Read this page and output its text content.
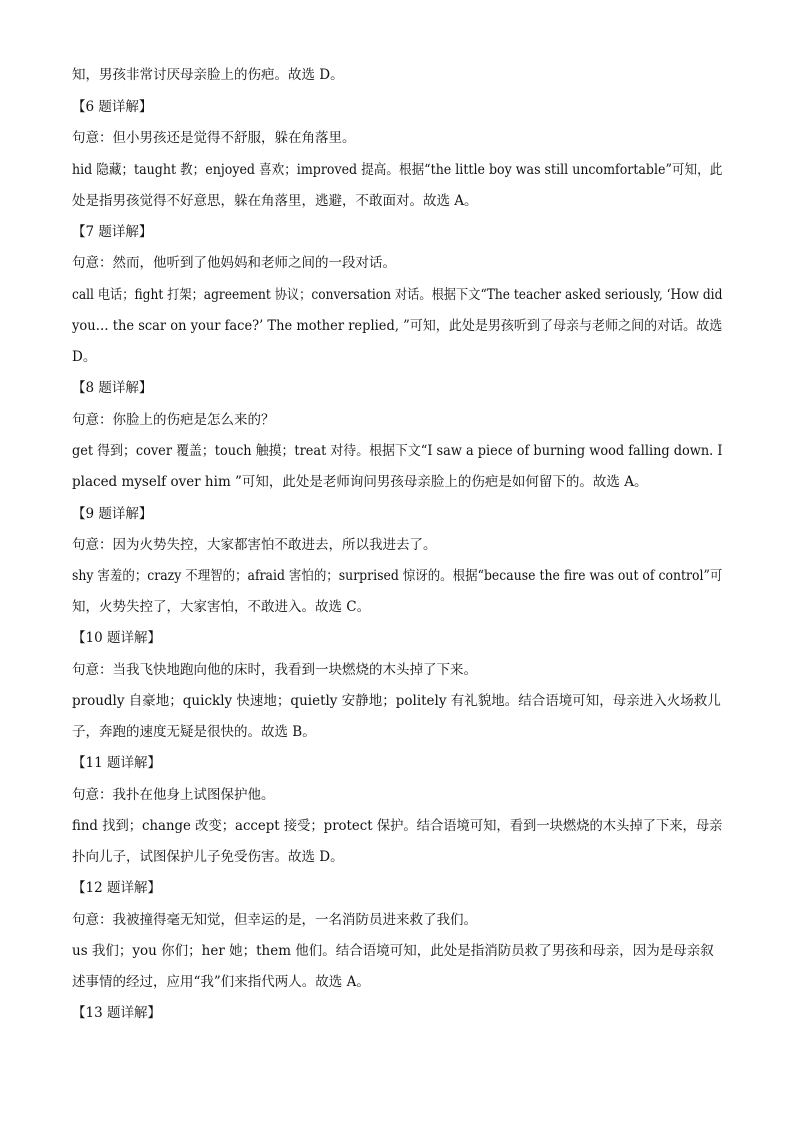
知，男孩非常讨厌母亲脸上的伤疤。故选 D。
【6 题详解】
句意：但小男孩还是觉得不舒服，躲在角落里。
hid 隐藏；taught 教；enjoyed 喜欢；improved 提高。根据“the little boy was still uncomfortable”可知，此
处是指男孩觉得不好意思，躲在角落里，逃避，不敢面对。故选 A。
【7 题详解】
句意：然而，他听到了他妈妈和老师之间的一段对话。
call 电话；fight 打架；agreement 协议；conversation 对话。根据下文“The teacher asked seriously, ‘How did
you… the scar on your face?’ The mother replied, ”可知，此处是男孩听到了母亲与老师之间的对话。故选
D。
【8 题详解】
句意：你脸上的伤疤是怎么来的？
get 得到；cover 覆盖；touch 触摸；treat 对待。根据下文“I saw a piece of burning wood falling down. I
placed myself over him ”可知，此处是老师询问男孩母亲脸上的伤疤是如何留下的。故选 A。
【9 题详解】
句意：因为火势失控，大家都害怕不敢进去，所以我进去了。
shy 害羞的；crazy 不理智的；afraid 害怕的；surprised 惊讶的。根据“because the fire was out of control”可
知，火势失控了，大家害怕，不敢进入。故选 C。
【10 题详解】
句意：当我飞快地跑向他的床时，我看到一块燃烧的木头掉了下来。
proudly 自豪地；quickly 快速地；quietly 安静地；politely 有礼貌地。结合语境可知，母亲进入火场救儿
子，奔跑的速度无疑是很快的。故选 B。
【11 题详解】
句意：我扑在他身上试图保护他。
find 找到；change 改变；accept 接受；protect 保护。结合语境可知，看到一块燃烧的木头掉了下来，母亲
扑向儿子，试图保护儿子免受伤害。故选 D。
【12 题详解】
句意：我被撞得毫无知觉，但幸运的是，一名消防员进来救了我们。
us 我们；you 你们；her 她；them 他们。结合语境可知，此处是指消防员救了男孩和母亲，因为是母亲叙
述事情的经过，应用“我”们来指代两人。故选 A。
【13 题详解】
